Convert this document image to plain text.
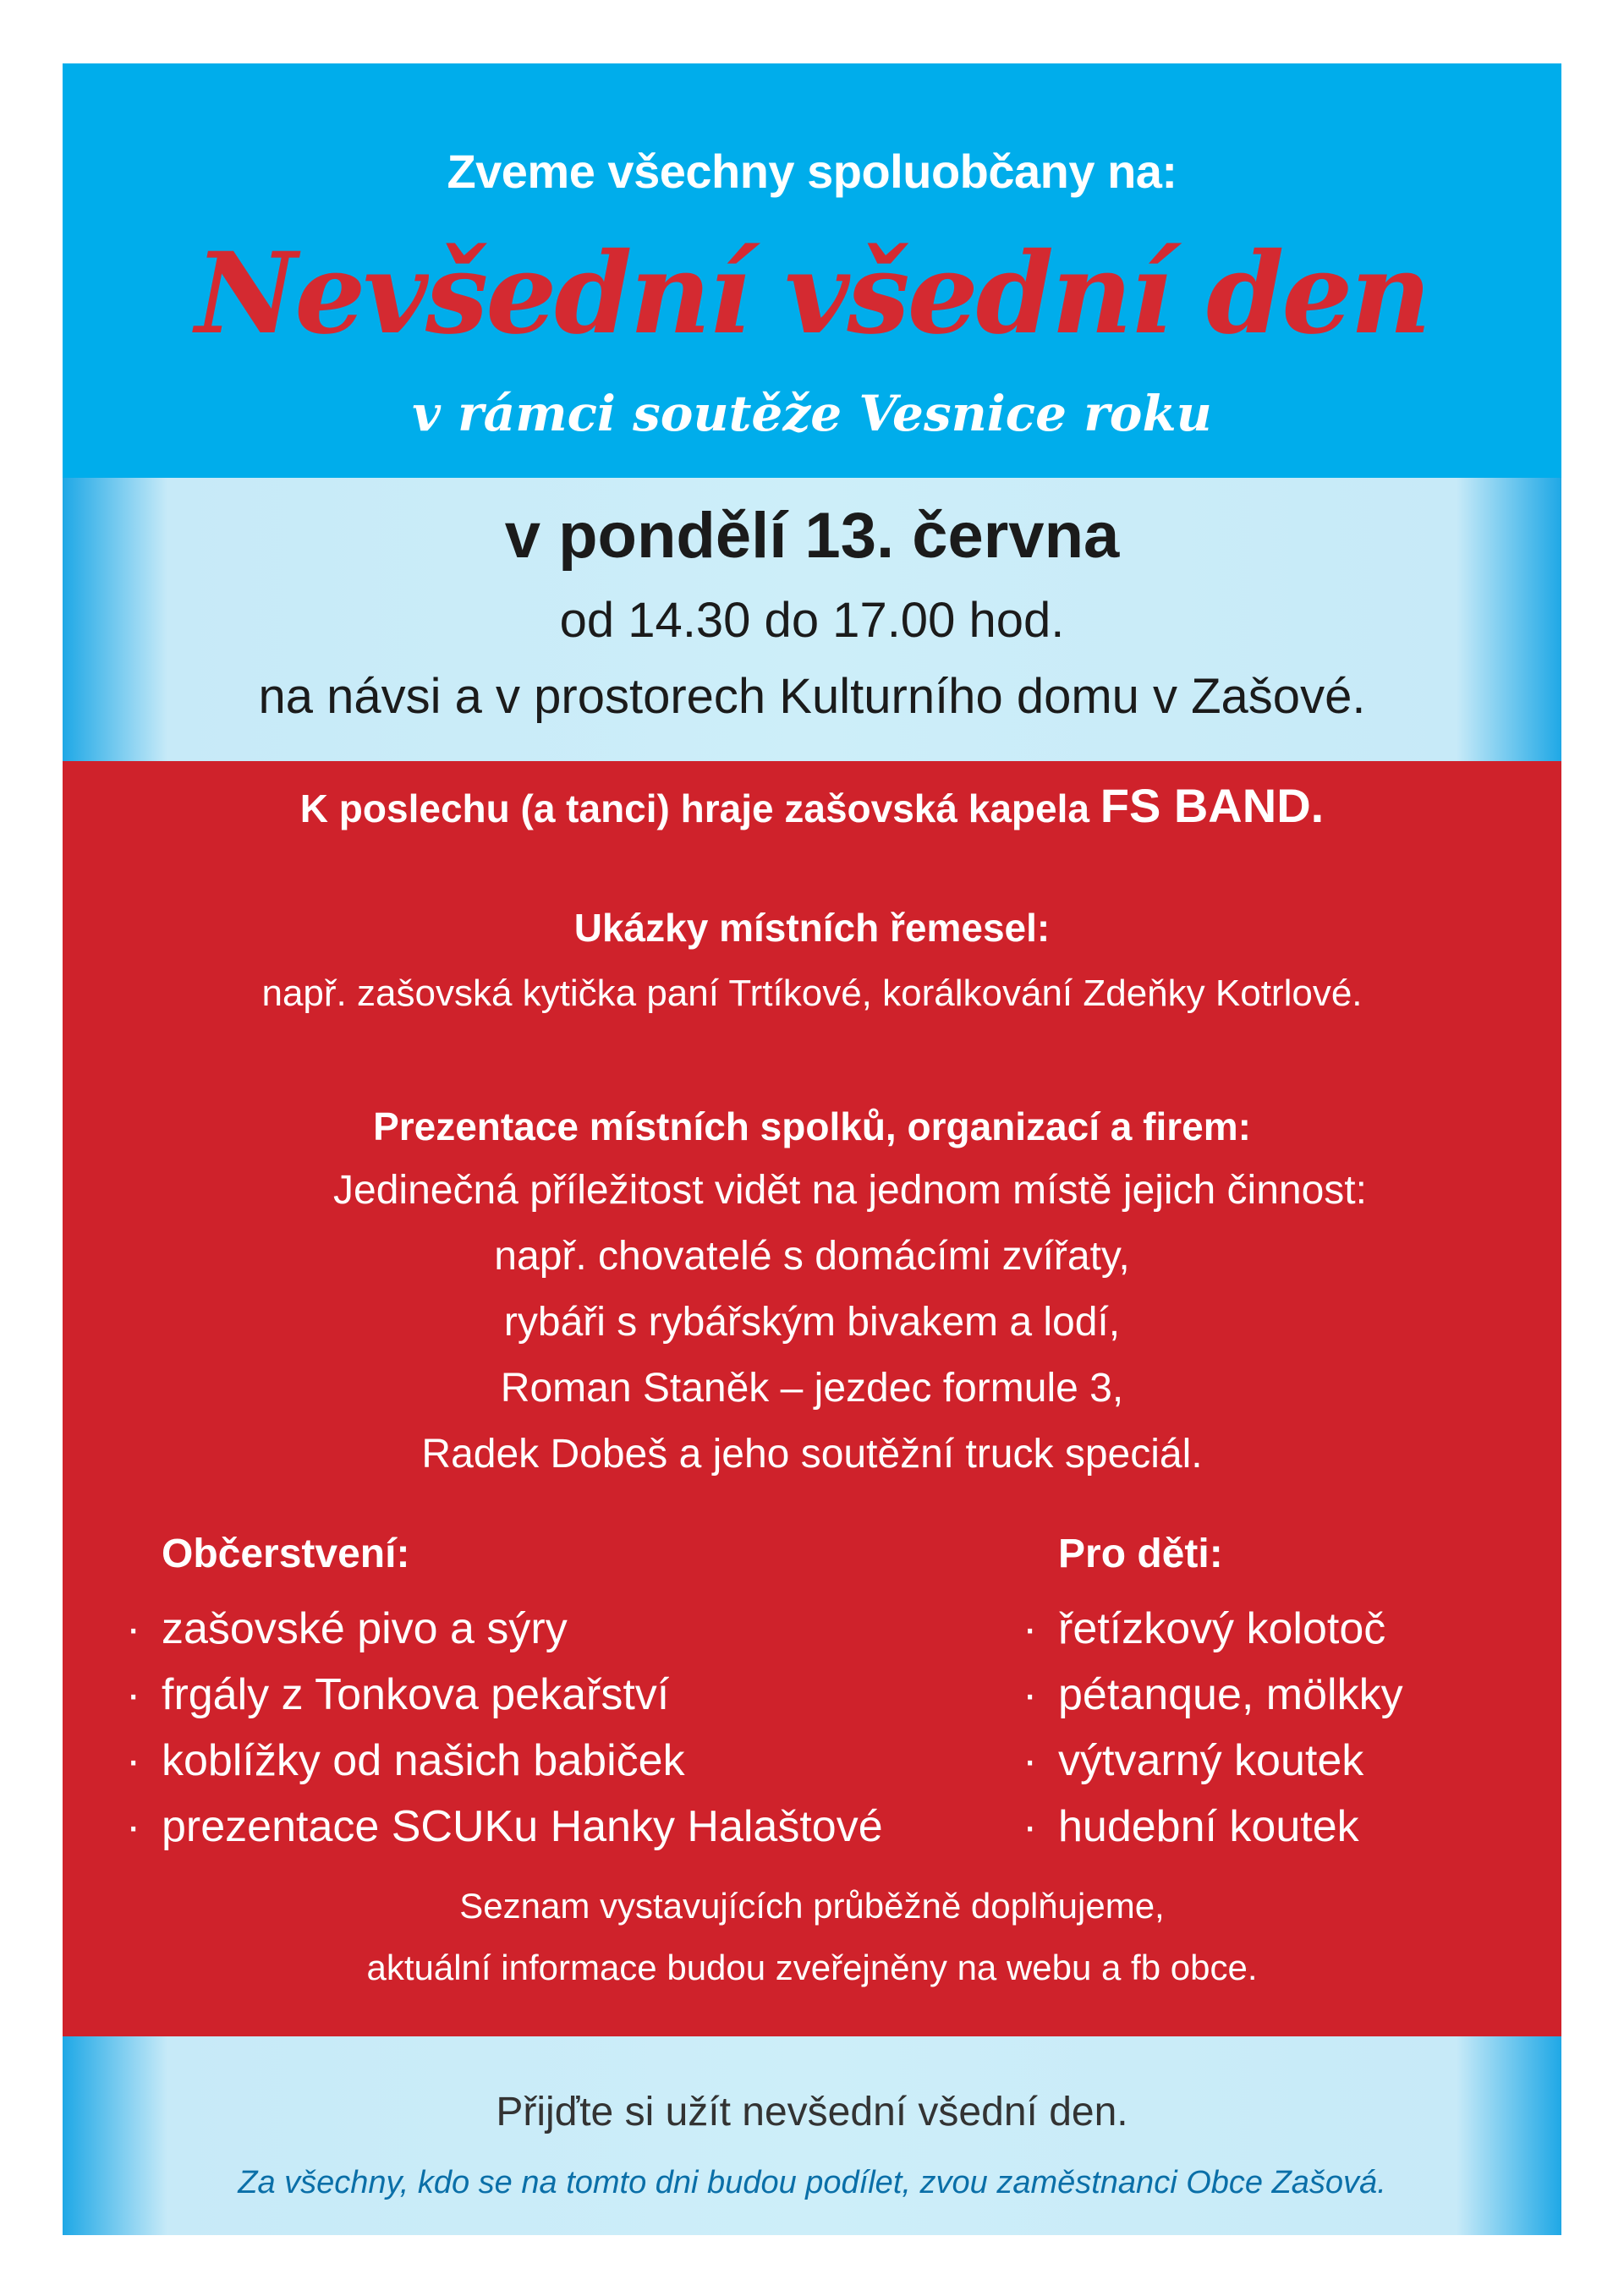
Zveme všechny spoluobčany na:
Nevšední všední den
v rámci soutěže Vesnice roku
v pondělí 13. června
od 14.30 do 17.00 hod.
na návsi a v prostorech Kulturního domu v Zašové.
K poslechu (a tanci) hraje zašovská kapela FS BAND.
Ukázky místních řemesel:
např. zašovská kytička paní Trtíkové, korálkování Zdeňky Kotrlové.
Prezentace místních spolků, organizací a firem:
Jedinečná příležitost vidět na jednom místě jejich činnost:
např. chovatelé s domácími zvířaty,
rybáři s rybářským bivakem a lodí,
Roman Staněk – jezdec formule 3,
Radek Dobeš a jeho soutěžní truck speciál.
Občerstvení:
· zašovské pivo a sýry
· frgály z Tonkova pekařství
· koblížky od našich babiček
· prezentace SCUKu Hanky Halaštové
Pro děti:
· řetízkový kolotoč
· pétanque, mölkky
· výtvarný koutek
· hudební koutek
Seznam vystavujících průběžně doplňujeme,
aktuální informace budou zveřejněny na webu a fb obce.
Přijďte si užít nevšední všední den.
Za všechny, kdo se na tomto dni budou podílet, zvou zaměstnanci Obce Zašová.
